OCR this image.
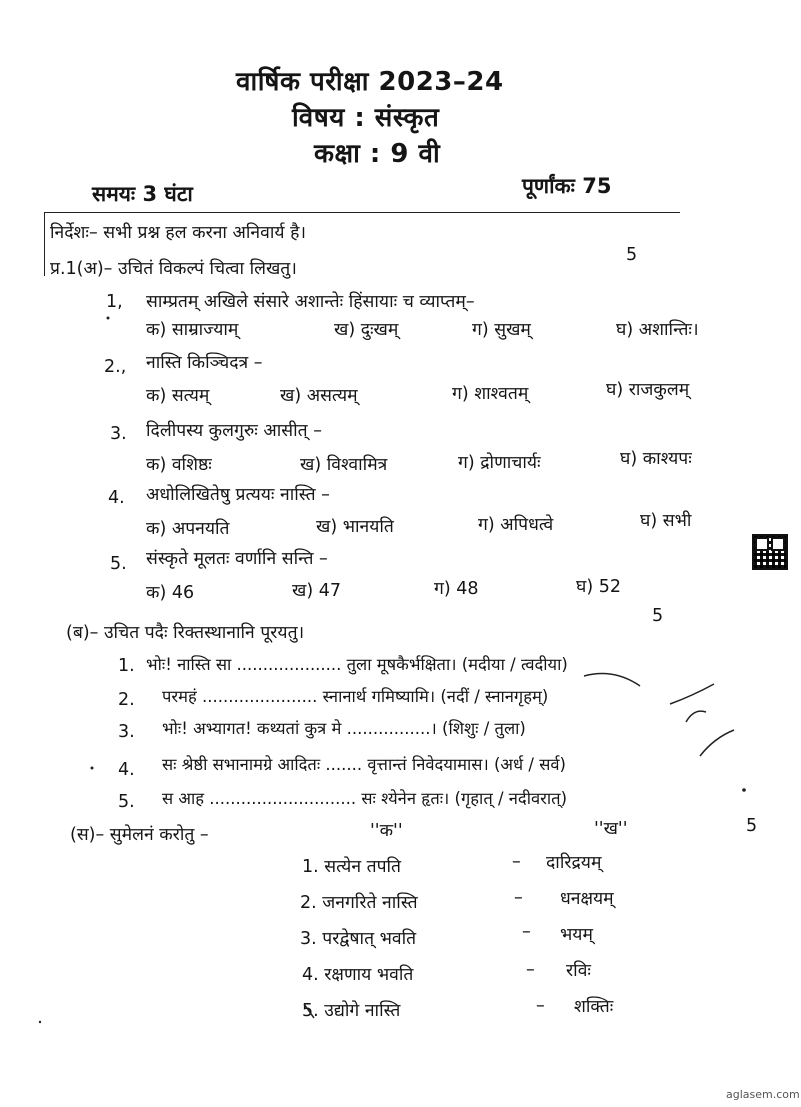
वार्षिक परीक्षा 2023–24
विषय : संस्कृत
कक्षा : 9 वी
समयः 3 घंटा	पूर्णांकः 75
निर्देशः– सभी प्रश्न हल करना अनिवार्य है।
प्र.1(अ)– उचितं विकल्पं चित्वा लिखतु।
5
1, साम्प्रतम् अखिले संसारे अशान्तेः हिंसायाः च व्याप्तम्–
क) साम्राज्याम्	ख) दुःखम्	ग) सुखम्	घ) अशान्तिः।
2., नास्ति किञ्चिदत्र –
क) सत्यम्	ख) असत्यम्	ग) शाश्वतम्	घ) राजकुलम्
3. दिलीपस्य कुलगुरुः आसीत् –
क) वशिष्ठः	ख) विश्वामित्र	ग) द्रोणाचार्यः	घ) काश्यपः
4. अधोलिखितेषु प्रत्ययः नास्ति –
क) अपनयति	ख) भानयति	ग) अपिधत्वे	घ) सभी
5. संस्कृते मूलतः वर्णानि सन्ति –
क) 46	ख) 47	ग) 48	घ) 52
(ब)– उचित पदैः रिक्तस्थानानि पूरयतु।
5
1. भोः! नास्ति सा .................... तुला मूषकैर्भक्षिता। (मदीया / त्वदीया)
2. परमहं ...................... स्नानार्थ गमिष्यामि। (नदीं / स्नानगृहम्)
3. भोः! अभ्यागत! कथ्यतां कुत्र मे ................। (शिशुः / तुला)
4. सः श्रेष्ठी सभानामग्रे आदितः ....... वृत्तान्तं निवेदयामास। (अर्ध / सर्व)
5. स आह ............................ सः श्येनेन हृतः। (गृहात् / नदीवरात्)
(स)– सुमेलनं करोतु –	''क''	''ख''	5
1. सत्येन तपति	– दारिद्रयम्
2. जनगरिते नास्ति	– धनक्षयम्
3. परद्वेषात् भवति	– भयम्
4. रक्षणाय भवति	– रविः
5. उद्योगे नास्ति	– शक्तिः
aglasem.com
